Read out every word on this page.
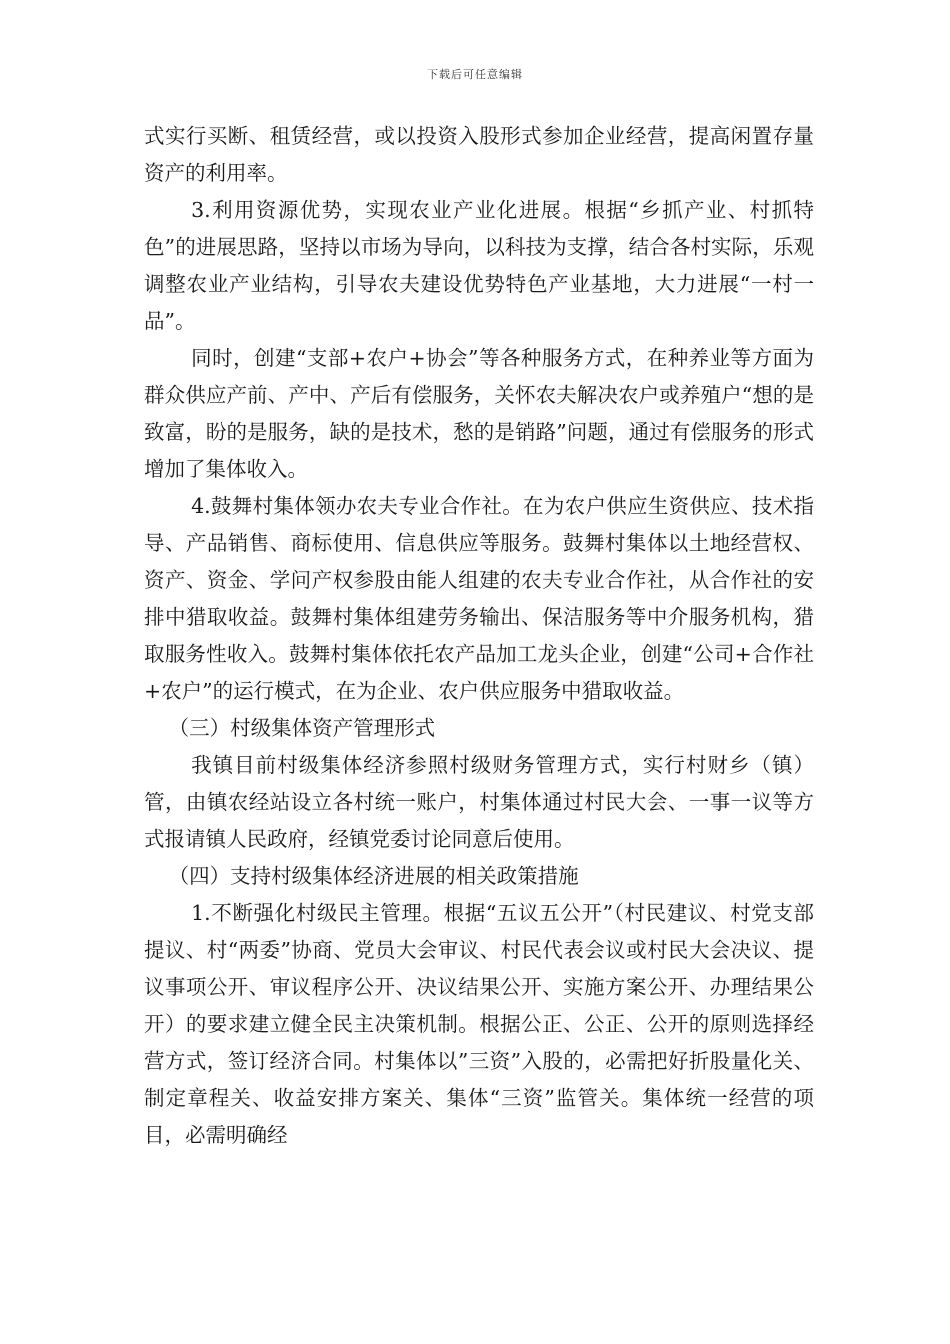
下载后可任意编辑

式实行买断、租赁经营，或以投资入股形式参加企业经营，提高闲置存量资产的利用率。

3.利用资源优势，实现农业产业化进展。根据“乡抓产业、村抓特色”的进展思路，坚持以市场为导向，以科技为支撑，结合各村实际，乐观调整农业产业结构，引导农夫建设优势特色产业基地，大力进展“一村一品”。

同时，创建“支部+农户+协会”等各种服务方式，在种养业等方面为群众供应产前、产中、产后有偿服务，关怀农夫解决农户或养殖户“想的是致富，盼的是服务，缺的是技术，愁的是销路”问题，通过有偿服务的形式增加了集体收入。

4.鼓舞村集体领办农夫专业合作社。在为农户供应生资供应、技术指导、产品销售、商标使用、信息供应等服务。鼓舞村集体以土地经营权、资产、资金、学问产权参股由能人组建的农夫专业合作社，从合作社的安排中猎取收益。鼓舞村集体组建劳务输出、保洁服务等中介服务机构，猎取服务性收入。鼓舞村集体依托农产品加工龙头企业，创建“公司+合作社+农户”的运行模式，在为企业、农户供应服务中猎取收益。

（三）村级集体资产管理形式

我镇目前村级集体经济参照村级财务管理方式，实行村财乡（镇）管，由镇农经站设立各村统一账户，村集体通过村民大会、一事一议等方式报请镇人民政府，经镇党委讨论同意后使用。

（四）支持村级集体经济进展的相关政策措施

1.不断强化村级民主管理。根据“五议五公开”（村民建议、村党支部提议、村“两委”协商、党员大会审议、村民代表会议或村民大会决议、提议事项公开、审议程序公开、决议结果公开、实施方案公开、办理结果公开）的要求建立健全民主决策机制。根据公正、公正、公开的原则选择经营方式，签订经济合同。村集体以”三资”入股的，必需把好折股量化关、制定章程关、收益安排方案关、集体“三资”监管关。集体统一经营的项目，必需明确经
